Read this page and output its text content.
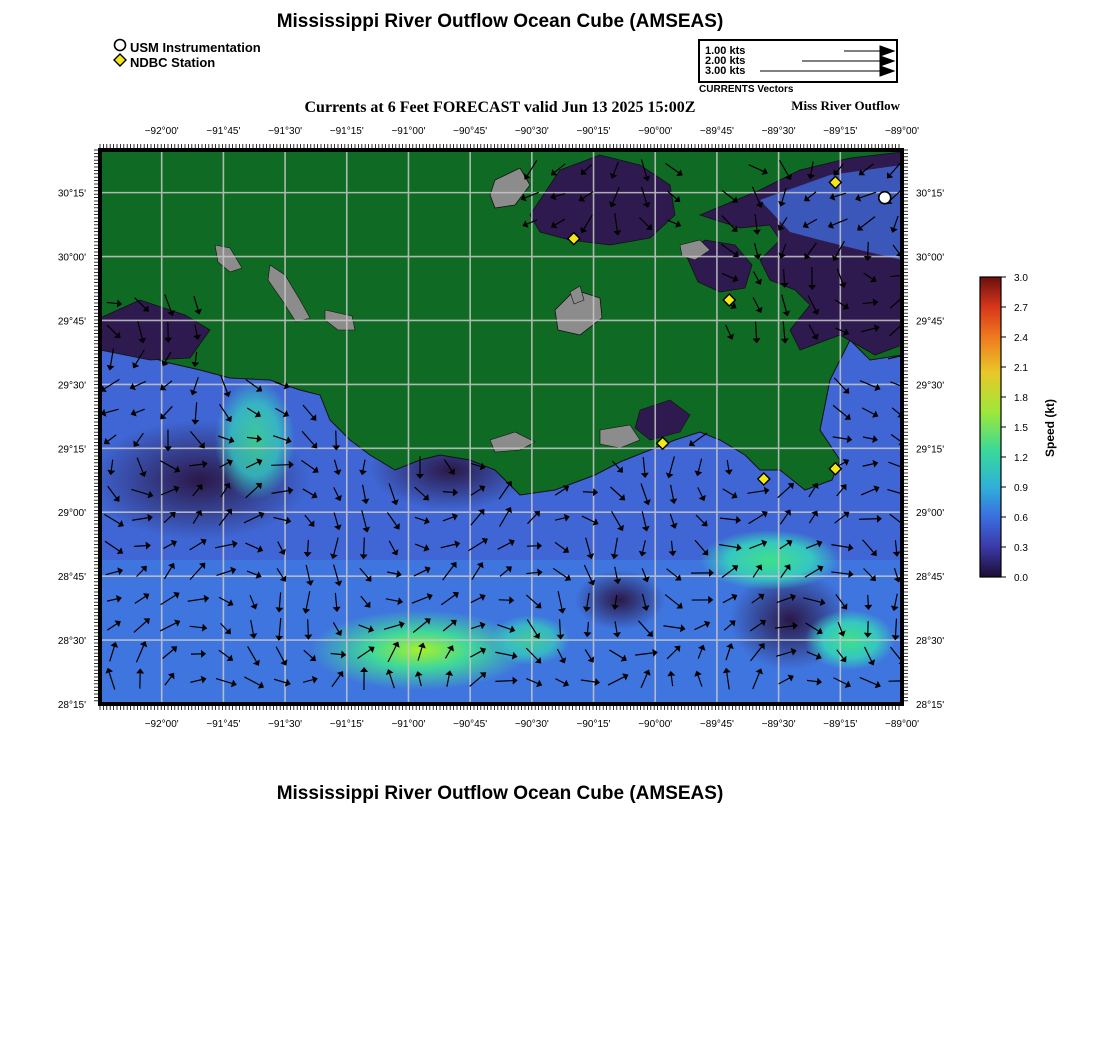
Mississippi River Outflow Ocean Cube (AMSEAS)
USM Instrumentation
NDBC Station
1.00 kts
2.00 kts
3.00 kts
CURRENTS Vectors
Currents at 6 Feet FORECAST valid Jun 13 2025 15:00Z	Miss River Outflow
−92°00'
−92°00'
−91°45'
−91°45'
−91°30'
−91°30'
−91°15'
−91°15'
−91°00'
−91°00'
−90°45'
−90°45'
−90°30'
−90°30'
−90°15'
−90°15'
−90°00'
−90°00'
−89°45'
−89°45'
−89°30'
−89°30'
−89°15'
−89°15'
−89°00'
−89°00'
30°15'	30°15'
30°00'	30°00'
29°45'	29°45'
29°30'	29°30'
29°15'	29°15'
29°00'	29°00'
28°45'	28°45'
28°30'	28°30'
28°15'	28°15'
3.0
2.7
2.4
2.1
1.8
1.5
1.2
0.9
0.6
0.3
0.0
Speed (kt)
Mississippi River Outflow Ocean Cube (AMSEAS)
